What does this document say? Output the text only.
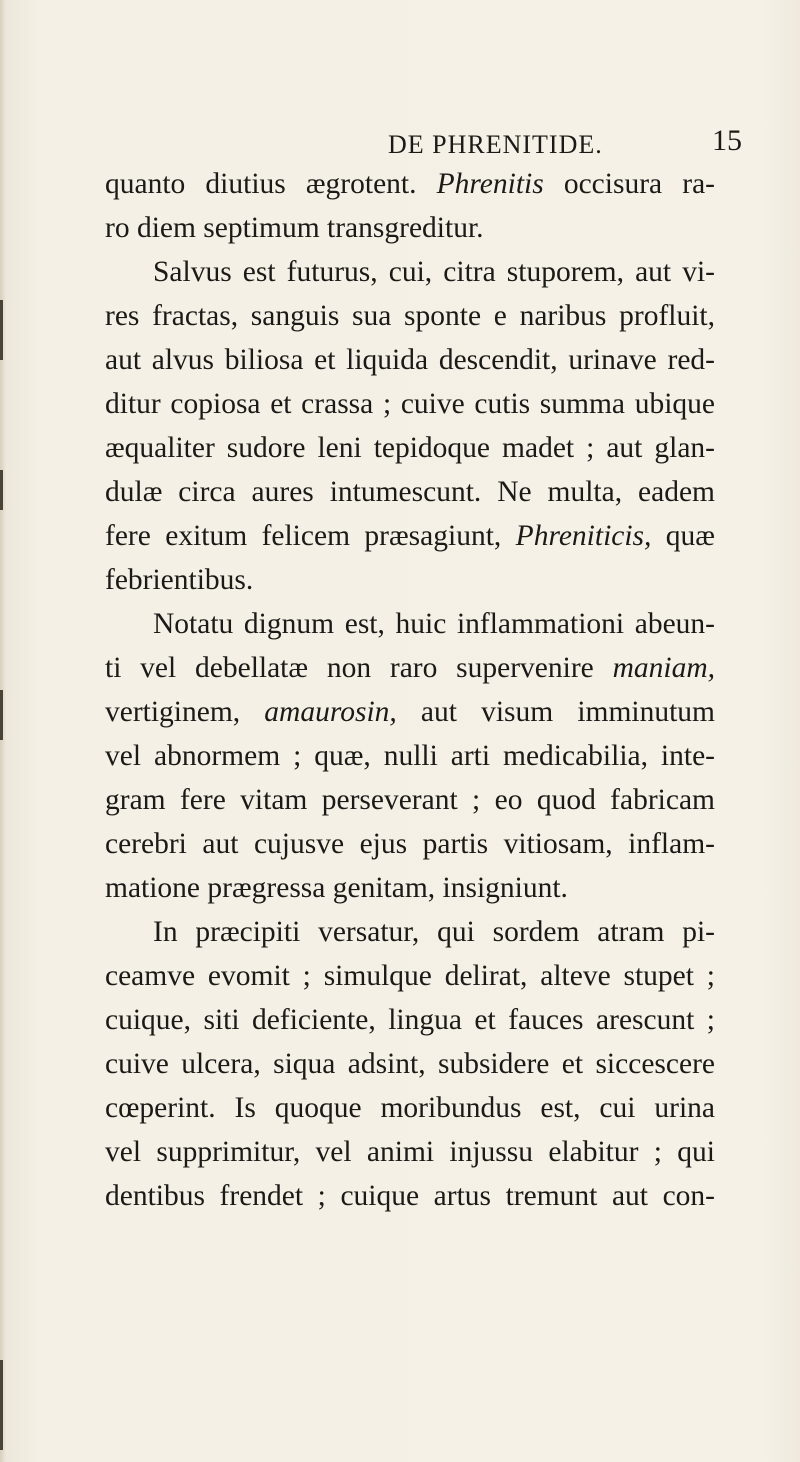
DE PHRENITIDE.	15
quanto diutius ægrotent. Phrenitis occisura ra-
ro diem septimum transgreditur.
Salvus est futurus, cui, citra stuporem, aut vi-
res fractas, sanguis sua sponte e naribus profluit,
aut alvus biliosa et liquida descendit, urinave red-
ditur copiosa et crassa ; cuive cutis summa ubique
æqualiter sudore leni tepidoque madet ; aut glan-
dulæ circa aures intumescunt. Ne multa, eadem
fere exitum felicem præsagiunt, Phreniticis, quæ
febrientibus.
Notatu dignum est, huic inflammationi abeun-
ti vel debellatæ non raro supervenire maniam,
vertiginem, amaurosin, aut visum imminutum
vel abnormem ; quæ, nulli arti medicabilia, inte-
gram fere vitam perseverant ; eo quod fabricam
cerebri aut cujusve ejus partis vitiosam, inflam-
matione prægressa genitam, insigniunt.
In præcipiti versatur, qui sordem atram pi-
ceamve evomit ; simulque delirat, alteve stupet ;
cuique, siti deficiente, lingua et fauces arescunt ;
cuive ulcera, siqua adsint, subsidere et siccescere
cœperint. Is quoque moribundus est, cui urina
vel supprimitur, vel animi injussu elabitur ; qui
dentibus frendet ; cuique artus tremunt aut con-
